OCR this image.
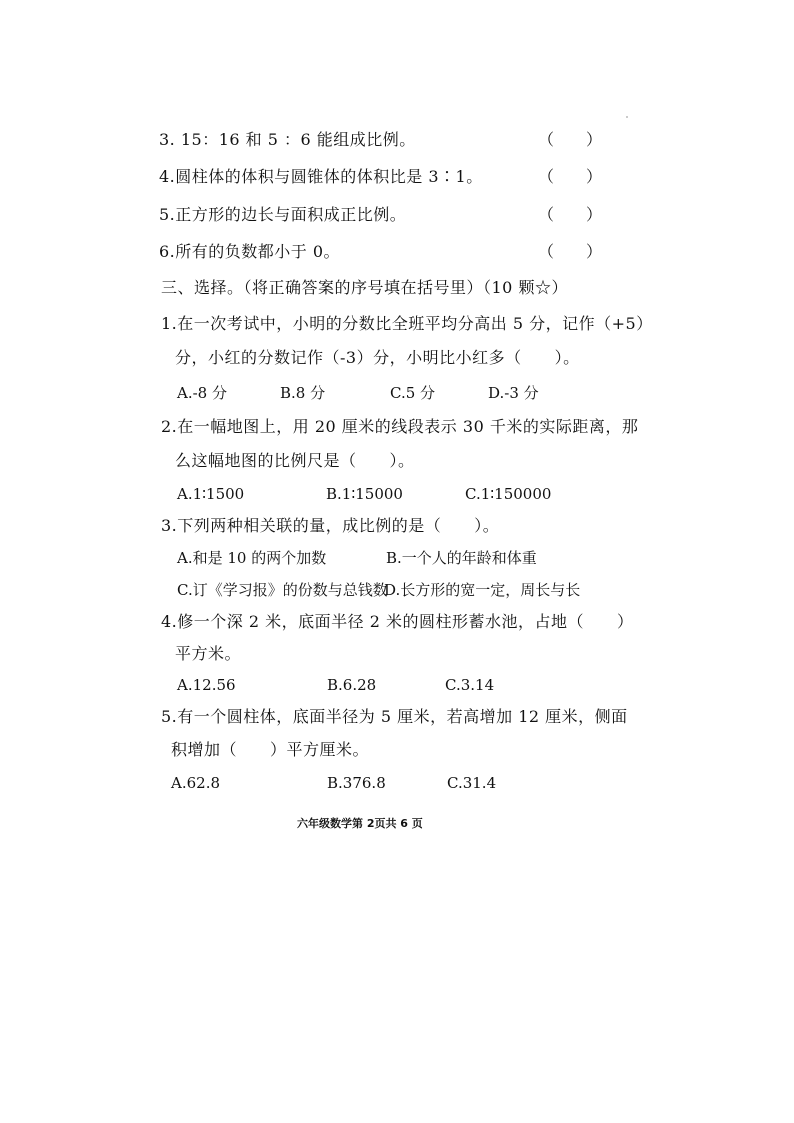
3. 15：16 和 5 ：6 能组成比例。	（　　）
4.圆柱体的体积与圆锥体的体积比是 3∶1。	（　　）
5.正方形的边长与面积成正比例。	（　　）
6.所有的负数都小于 0。	（　　）
三、选择。（将正确答案的序号填在括号里）（10 颗☆）
1.在一次考试中，小明的分数比全班平均分高出 5 分，记作（+5）
分，小红的分数记作（-3）分，小明比小红多（　　）。
A.-8 分	B.8 分	C.5 分	D.-3 分
2.在一幅地图上，用 20 厘米的线段表示 30 千米的实际距离，那
么这幅地图的比例尺是（　　）。
A.1∶1500	B.1∶15000	C.1∶150000
3.下列两种相关联的量，成比例的是（　　）。
A.和是 10 的两个加数	B.一个人的年龄和体重
C.订《学习报》的份数与总钱数
D.长方形的宽一定，周长与长
4.修一个深 2 米，底面半径 2 米的圆柱形蓄水池，占地（　　）
平方米。
A.12.56	B.6.28	C.3.14
5.有一个圆柱体，底面半径为 5 厘米，若高增加 12 厘米，侧面
积增加（　　）平方厘米。
A.62.8	B.376.8	C.31.4
六年级数学第 2页共 6 页
